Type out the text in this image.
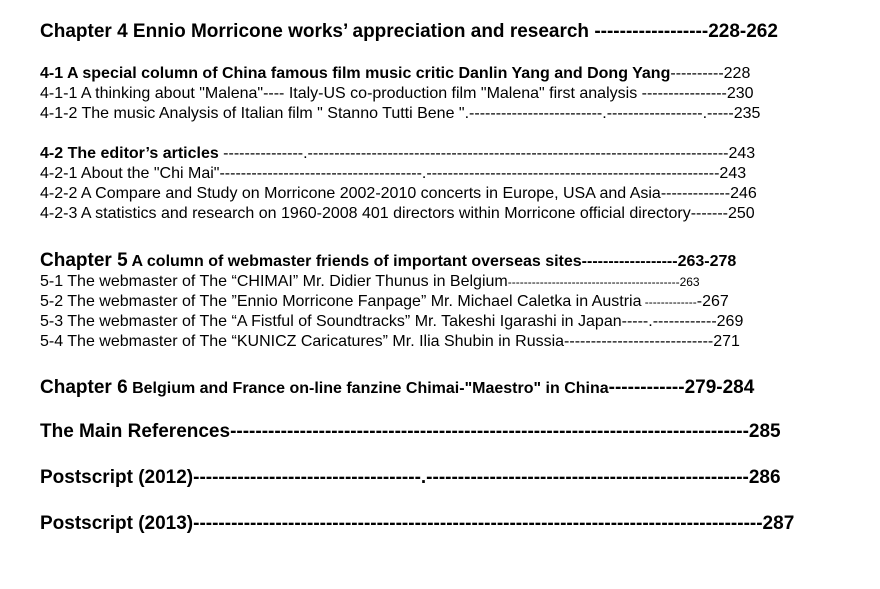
Chapter 4 Ennio Morricone works’ appreciation and research ------------------228-262
4-1 A special column of China famous film music critic Danlin Yang and Dong Yang----------228
4-1-1 A thinking about "Malena"---- Italy-US co-production film "Malena" first analysis ----------------230
4-1-2 The music Analysis of Italian film " Stanno Tutti Bene ".-------------------------.------------------.-----235
4-2 The editor’s articles ---------------.-------------------------------------------------------------------------------243
4-2-1 About the "Chi Mai"--------------------------------------.-------------------------------------------------------243
4-2-2 A Compare and Study on Morricone 2002-2010 concerts in Europe, USA and Asia-------------246
4-2-3 A statistics and research on 1960-2008 401 directors within Morricone official directory-------250
Chapter 5 A column of webmaster friends of important overseas sites------------------263-278
5-1 The webmaster of The “CHIMAI” Mr. Didier Thunus in Belgium-------------------------------------------263
5-2 The webmaster of The ”Ennio Morricone Fanpage” Mr. Michael Caletka in Austria --------------267
5-3 The webmaster of The “A Fistful of Soundtracks” Mr. Takeshi Igarashi in Japan-----.------------269
5-4 The webmaster of The “KUNICZ Caricatures” Mr. Ilia Shubin in Russia----------------------------271
Chapter 6 Belgium and France on-line fanzine Chimai-"Maestro" in China------------279-284
The Main References----------------------------------------------------------------------------------285
Postscript (2012)------------------------------------.---------------------------------------------------286
Postscript (2013)------------------------------------------------------------------------------------------287
